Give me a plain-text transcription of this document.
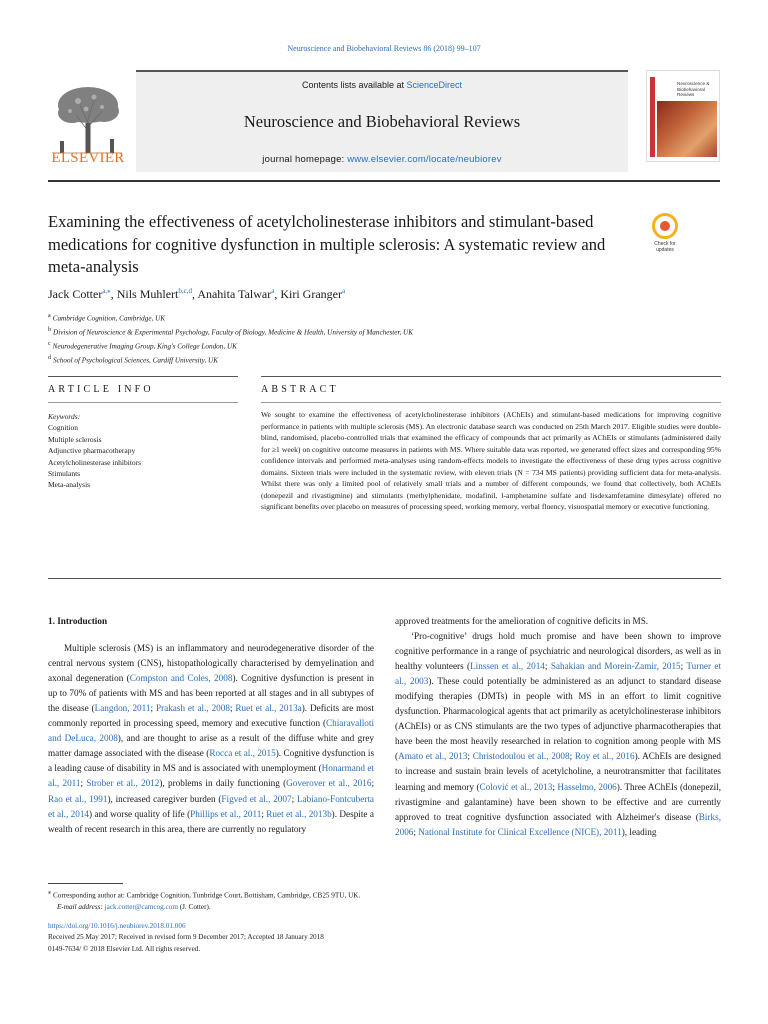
Neuroscience and Biobehavioral Reviews 86 (2018) 99–107
ELSEVIER
Contents lists available at ScienceDirect
Neuroscience and Biobehavioral Reviews
journal homepage: www.elsevier.com/locate/neubiorev
Neuroscience & Biobehavioral Reviews
Examining the effectiveness of acetylcholinesterase inhibitors and stimulant-based medications for cognitive dysfunction in multiple sclerosis: A systematic review and meta-analysis
Check for
updates
Jack Cotter$^{a,⁎}$, Nils Muhlert$^{b,c,d}$, Anahita Talwar$^a$, Kiri Granger$^a$
$^a$ Cambridge Cognition, Cambridge, UK
$^b$ Division of Neuroscience & Experimental Psychology, Faculty of Biology, Medicine & Health, University of Manchester, UK
$^c$ Neurodegenerative Imaging Group, King's College London, UK
$^d$ School of Psychological Sciences, Cardiff University, UK
ARTICLE INFO	ABSTRACT
Keywords:
Cognition
Multiple sclerosis
Adjunctive pharmacotherapy
Acetylcholinesterase inhibitors
Stimulants
Meta-analysis
We sought to examine the effectiveness of acetylcholinesterase inhibitors (AChEIs) and stimulant-based medications for improving cognitive performance in patients with multiple sclerosis (MS). An electronic database search was conducted on 25th March 2017. Eligible studies were double-blind, randomised, placebo-controlled trials that examined the efficacy of compounds that act primarily as AChEIs or stimulants (administered daily for ≥1 week) on cognitive outcome measures in patients with MS. Where suitable data was reported, we generated effect sizes and corresponding 95% confidence intervals and performed meta-analyses using random-effects models to investigate the effectiveness of these drug types across cognitive domains. Sixteen trials were included in the systematic review, with eleven trials (N = 734 MS patients) providing sufficient data for meta-analysis. Whilst there was only a limited pool of relatively small trials and a number of different compounds, we found that collectively, both AChEIs (donepezil and rivastigmine) and stimulants (methylphenidate, modafinil, l-amphetamine sulfate and lisdexamfetamine dimesylate) offered no significant benefits over placebo on measures of processing speed, working memory, verbal fluency, visuospatial memory or executive functioning.
1. Introduction

Multiple sclerosis (MS) is an inflammatory and neurodegenerative disorder of the central nervous system (CNS), histopathologically characterised by demyelination and axonal degeneration (Compston and Coles, 2008). Cognitive dysfunction is present in up to 70% of patients with MS and has been reported at all stages and in all subtypes of the disease (Langdon, 2011; Prakash et al., 2008; Ruet et al., 2013a). Deficits are most commonly reported in processing speed, memory and executive function (Chiaravalloti and DeLuca, 2008), and are thought to arise as a result of the diffuse white and grey matter damage associated with the disease (Rocca et al., 2015). Cognitive dysfunction is a leading cause of disability in MS and is associated with unemployment (Honarmand et al., 2011; Strober et al., 2012), problems in daily functioning (Goverover et al., 2016; Rao et al., 1991), increased caregiver burden (Figved et al., 2007; Labiano-Fontcuberta et al., 2014) and worse quality of life (Phillips et al., 2011; Ruet et al., 2013b). Despite a wealth of recent research in this area, there are currently no regulatory

approved treatments for the amelioration of cognitive deficits in MS.

‘Pro-cognitive’ drugs hold much promise and have been shown to improve cognitive performance in a range of psychiatric and neurological disorders, as well as in healthy volunteers (Linssen et al., 2014; Sahakian and Morein-Zamir, 2015; Turner et al., 2003). These could potentially be administered as an adjunct to standard disease modifying therapies (DMTs) in people with MS in an effort to limit cognitive dysfunction. Pharmacological agents that act primarily as acetylcholinesterase inhibitors (AChEIs) or as CNS stimulants are the two types of adjunctive pharmacotherapies that have been the most heavily researched in relation to cognition among people with MS (Amato et al., 2013; Christodoulou et al., 2008; Roy et al., 2016). AChEIs are designed to increase and sustain brain levels of acetylcholine, a neurotransmitter that facilitates learning and memory (Colović et al., 2013; Hasselmo, 2006). Three AChEIs (donepezil, rivastigmine and galantamine) have been shown to be effective and are currently approved to treat cognitive dysfunction associated with Alzheimer's disease (Birks, 2006; National Institute for Clinical Excellence (NICE), 2011), leading

⁎ Corresponding author at: Cambridge Cognition, Tunbridge Court, Bottisham, Cambridge, CB25 9TU, UK.
E-mail address: jack.cotter@camcog.com (J. Cotter).
https://doi.org/10.1016/j.neubiorev.2018.01.006
Received 25 May 2017; Received in revised form 9 December 2017; Accepted 18 January 2018
0149-7634/ © 2018 Elsevier Ltd. All rights reserved.
